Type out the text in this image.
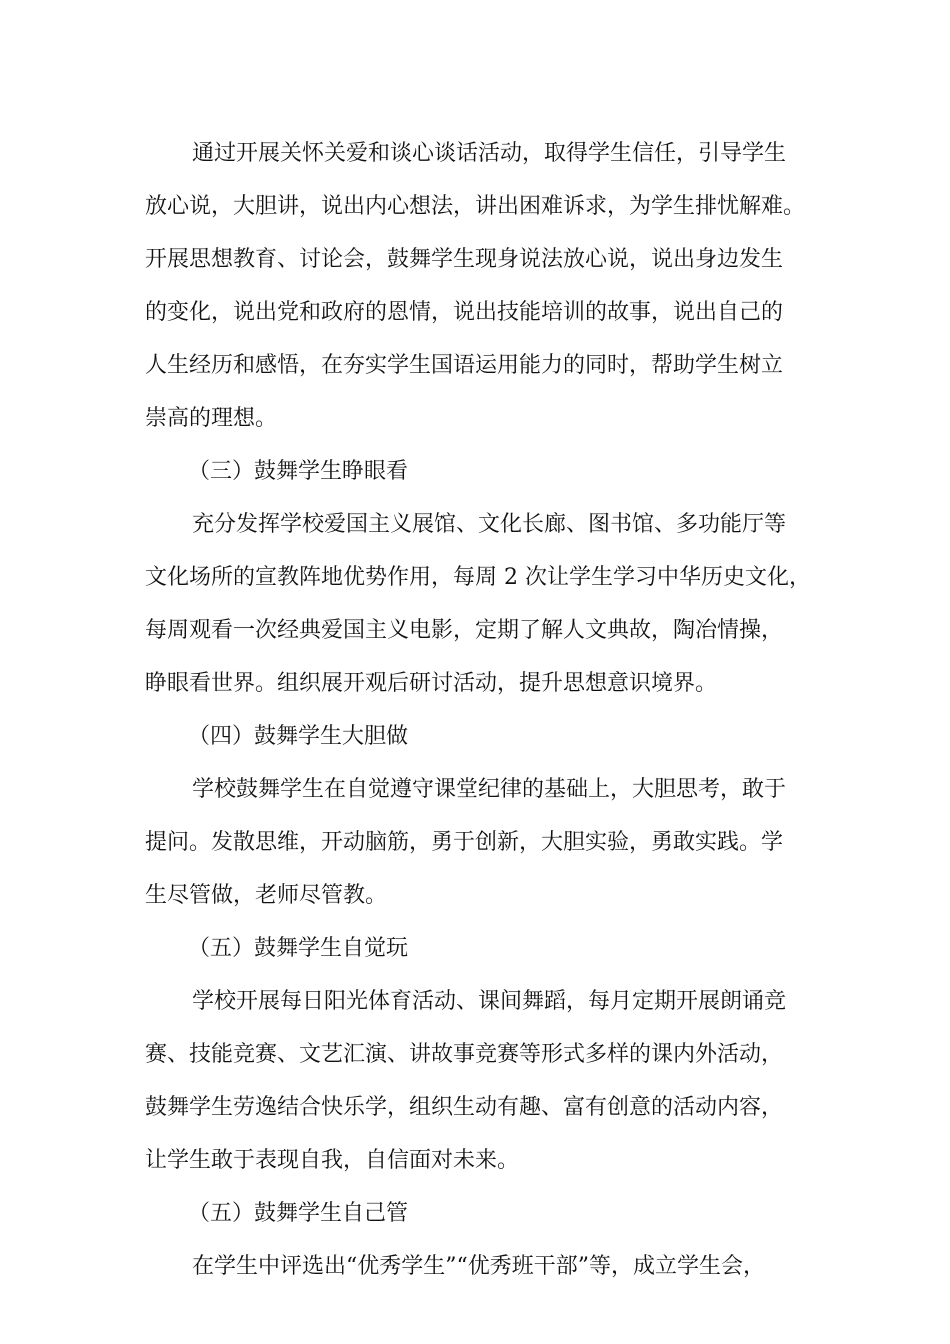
通过开展关怀关爱和谈心谈话活动，取得学生信任，引导学生
放心说，大胆讲，说出内心想法，讲出困难诉求，为学生排忧解难。
开展思想教育、讨论会，鼓舞学生现身说法放心说，说出身边发生
的变化，说出党和政府的恩情，说出技能培训的故事，说出自己的
人生经历和感悟，在夯实学生国语运用能力的同时，帮助学生树立
崇高的理想。
（三）鼓舞学生睁眼看
充分发挥学校爱国主义展馆、文化长廊、图书馆、多功能厅等
文化场所的宣教阵地优势作用，每周 2 次让学生学习中华历史文化，
每周观看一次经典爱国主义电影，定期了解人文典故，陶冶情操，
睁眼看世界。组织展开观后研讨活动，提升思想意识境界。
（四）鼓舞学生大胆做
学校鼓舞学生在自觉遵守课堂纪律的基础上，大胆思考，敢于
提问。发散思维，开动脑筋，勇于创新，大胆实验，勇敢实践。学
生尽管做，老师尽管教。
（五）鼓舞学生自觉玩
学校开展每日阳光体育活动、课间舞蹈，每月定期开展朗诵竞
赛、技能竞赛、文艺汇演、讲故事竞赛等形式多样的课内外活动，
鼓舞学生劳逸结合快乐学，组织生动有趣、富有创意的活动内容，
让学生敢于表现自我，自信面对未来。
（五）鼓舞学生自己管
在学生中评选出“优秀学生”“优秀班干部”等，成立学生会，
